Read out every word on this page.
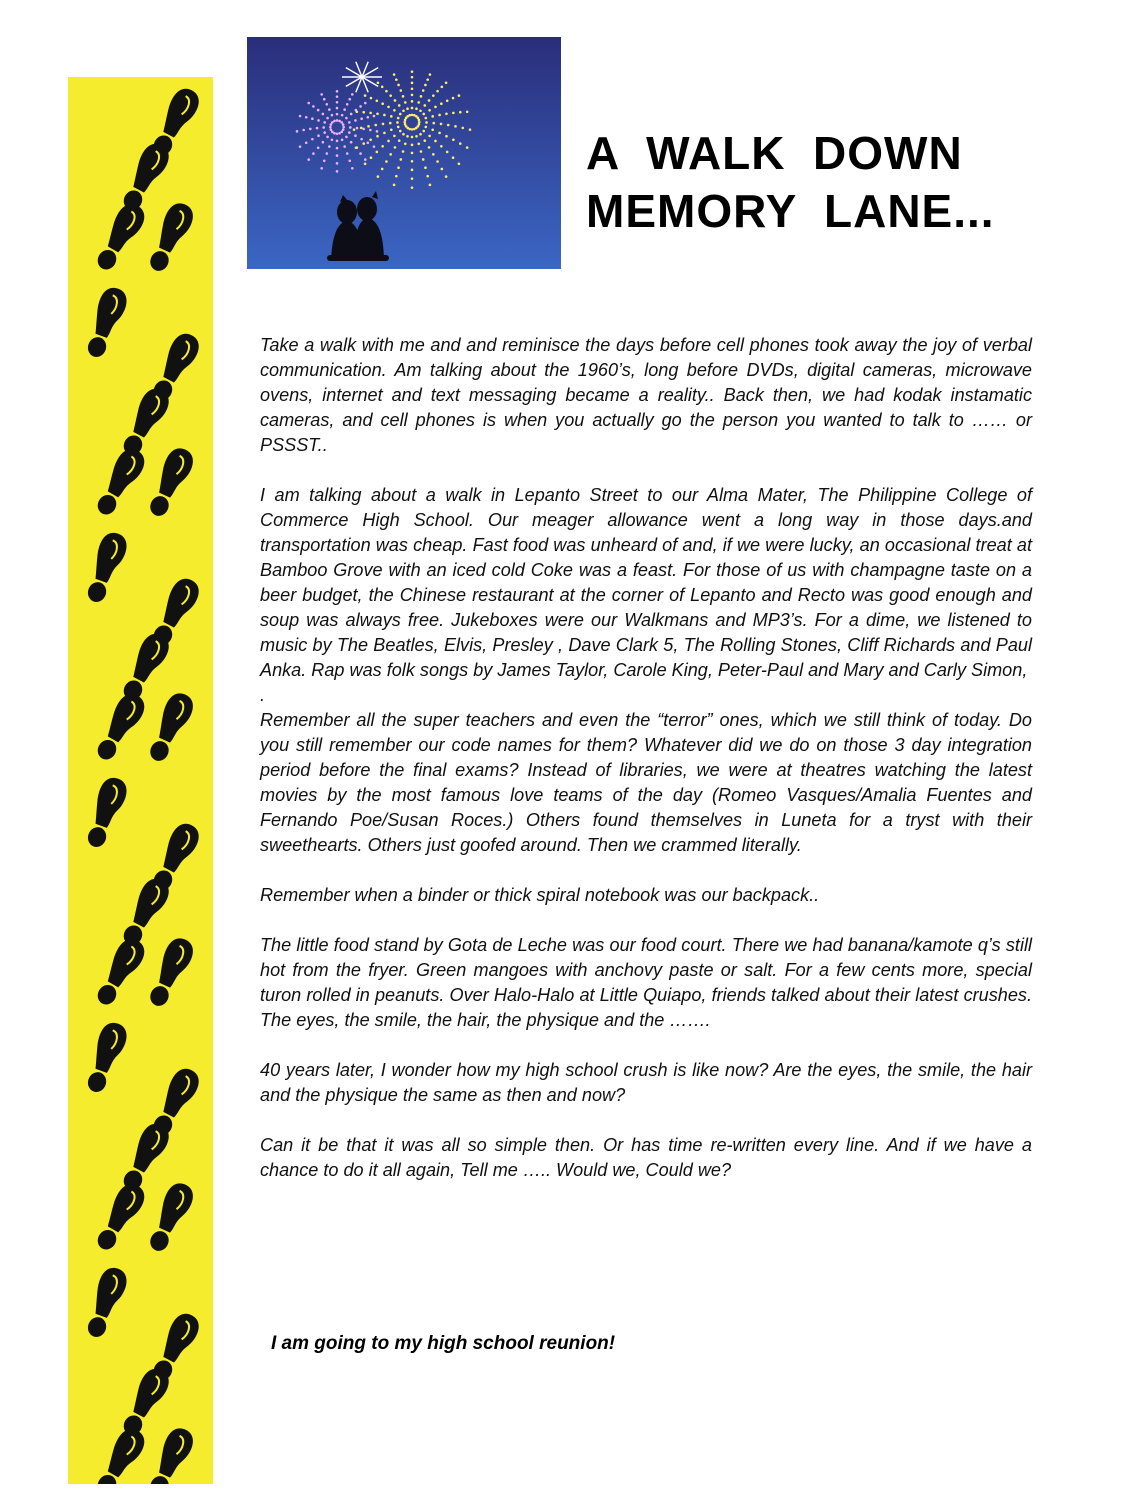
A  WALK  DOWN
MEMORY  LANE...

Take a walk with me and and reminisce the days before cell phones took away the joy of verbal communication. Am talking about the 1960’s, long before DVDs, digital cameras, microwave ovens, internet and text messaging became a reality.. Back then, we had kodak instamatic cameras, and cell phones is when you actually go the person you wanted to talk to …… or PSSST..

I am talking about a walk in Lepanto Street to our Alma Mater, The Philippine College of Commerce High School. Our meager allowance went a long way in those days.and transportation was cheap. Fast food was unheard of and, if we were lucky, an occasional treat at Bamboo Grove with an iced cold Coke was a feast. For those of us with champagne taste on a beer budget, the Chinese restaurant at the corner of Lepanto and Recto was good enough and soup was always free. Jukeboxes were our Walkmans and MP3’s. For a dime, we listened to music by The Beatles, Elvis, Presley , Dave Clark 5, The Rolling Stones, Cliff Richards and Paul Anka. Rap was folk songs by James Taylor, Carole King, Peter-Paul and Mary and Carly Simon,

.

Remember all the super teachers and even the “terror” ones, which we still think of today. Do you still remember our code names for them? Whatever did we do on those 3 day integration period before the final exams? Instead of libraries, we were at theatres watching the latest movies by the most famous love teams of the day (Romeo Vasques/Amalia Fuentes and Fernando Poe/Susan Roces.) Others found themselves in Luneta for a tryst with their sweethearts. Others just goofed around. Then we crammed literally.

Remember when a binder or thick spiral notebook was our backpack..

The little food stand by Gota de Leche was our food court. There we had banana/kamote q’s still hot from the fryer. Green mangoes with anchovy paste or salt. For a few cents more, special turon rolled in peanuts. Over Halo-Halo at Little Quiapo, friends talked about their latest crushes. The eyes, the smile, the hair, the physique and the …….

40 years later, I wonder how my high school crush is like now? Are the eyes, the smile, the hair and the physique the same as then and now?

Can it be that it was all so simple then. Or has time re-written every line. And if we have a chance to do it all again, Tell me ….. Would we, Could we?

I am going to my high school reunion!
